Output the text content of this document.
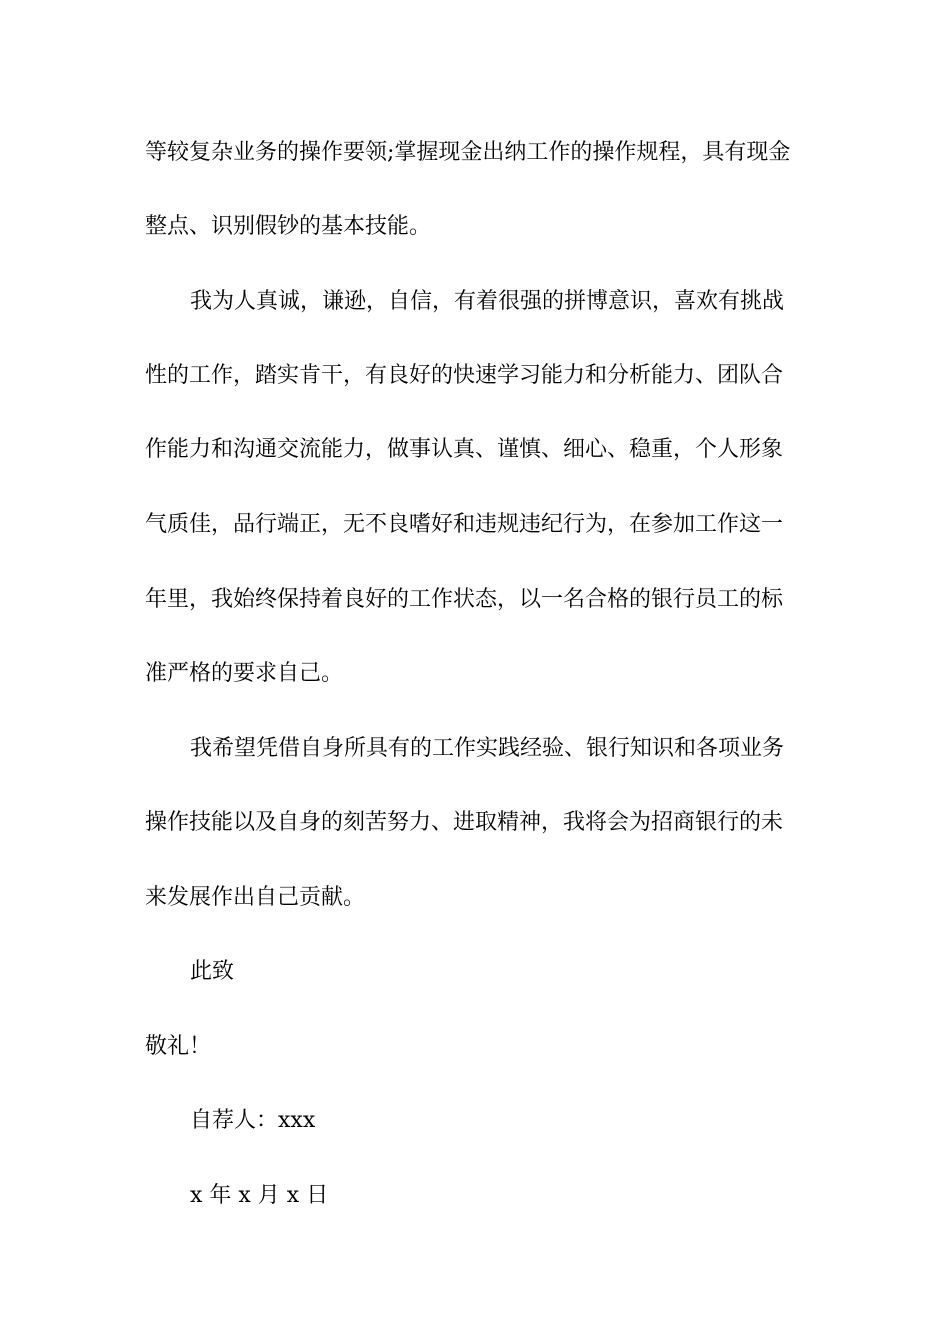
等较复杂业务的操作要领;掌握现金出纳工作的操作规程，具有现金
整点、识别假钞的基本技能。
我为人真诚，谦逊，自信，有着很强的拼博意识，喜欢有挑战
性的工作，踏实肯干，有良好的快速学习能力和分析能力、团队合
作能力和沟通交流能力，做事认真、谨慎、细心、稳重，个人形象
气质佳，品行端正，无不良嗜好和违规违纪行为，在参加工作这一
年里，我始终保持着良好的工作状态，以一名合格的银行员工的标
准严格的要求自己。
我希望凭借自身所具有的工作实践经验、银行知识和各项业务
操作技能以及自身的刻苦努力、进取精神，我将会为招商银行的未
来发展作出自己贡献。
此致
敬礼！
自荐人：xxx
x 年 x 月 x 日
